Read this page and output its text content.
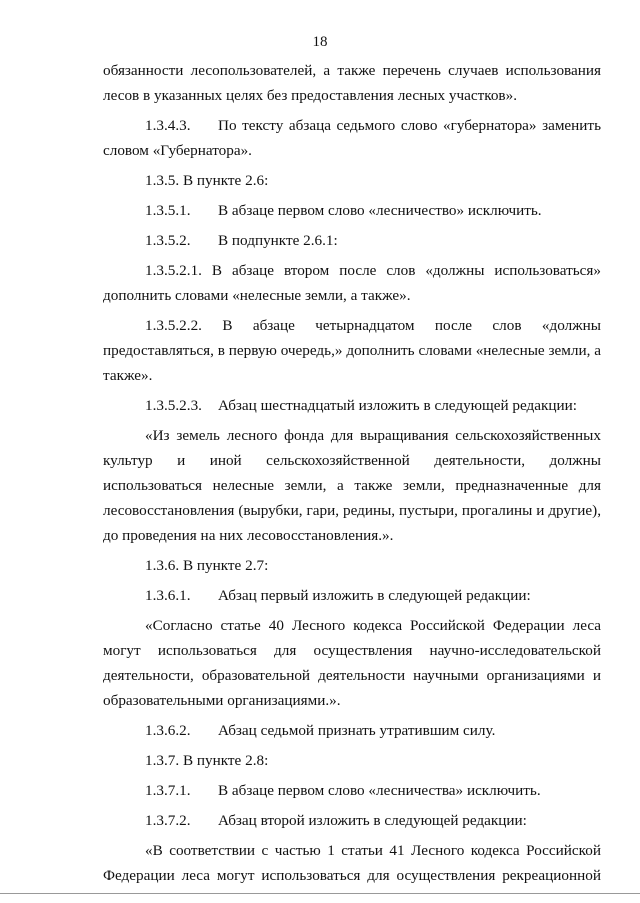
18
обязанности лесопользователей, а также перечень случаев использования
лесов в указанных целях без предоставления лесных участков».
1.3.4.3.	По тексту абзаца седьмого слово «губернатора» заменить
словом «Губернатора».
1.3.5. В пункте 2.6:
1.3.5.1.	В абзаце первом слово «лесничество» исключить.
1.3.5.2.	В подпункте 2.6.1:
1.3.5.2.1. В абзаце втором после слов «должны использоваться»
дополнить словами «нелесные земли, а также».
1.3.5.2.2. В абзаце четырнадцатом после слов «должны
предоставляться, в первую очередь,» дополнить словами «нелесные земли, а
также».
1.3.5.2.3.	Абзац шестнадцатый изложить в следующей редакции:
«Из земель лесного фонда для выращивания сельскохозяйственных
культур и иной сельскохозяйственной деятельности, должны
использоваться нелесные земли, а также земли, предназначенные для
лесовосстановления (вырубки, гари, редины, пустыри, прогалины и другие),
до проведения на них лесовосстановления.».
1.3.6. В пункте 2.7:
1.3.6.1.	Абзац первый изложить в следующей редакции:
«Согласно статье 40 Лесного кодекса Российской Федерации леса
могут использоваться для осуществления научно-исследовательской
деятельности, образовательной деятельности научными организациями и
образовательными организациями.».
1.3.6.2.	Абзац седьмой признать утратившим силу.
1.3.7. В пункте 2.8:
1.3.7.1.	В абзаце первом слово «лесничества» исключить.
1.3.7.2.	Абзац второй изложить в следующей редакции:
«В соответствии с частью 1 статьи 41 Лесного кодекса Российской
Федерации леса могут использоваться для осуществления рекреационной
